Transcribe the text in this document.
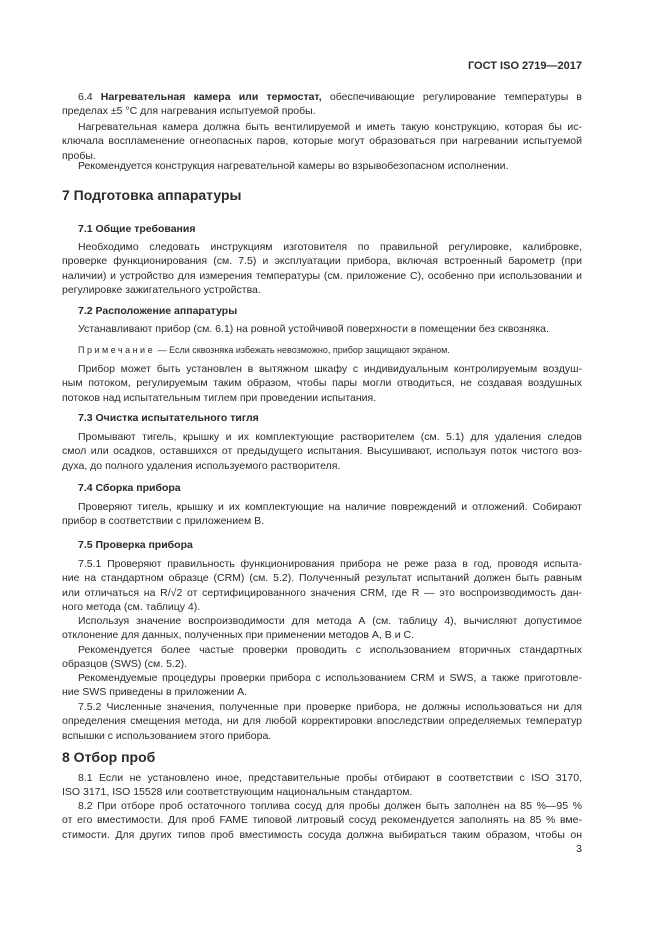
ГОСТ ISO 2719—2017
6.4 Нагревательная камера или термостат, обеспечивающие регулирование температуры в
пределах ±5 °C для нагревания испытуемой пробы.
Нагревательная камера должна быть вентилируемой и иметь такую конструкцию, которая бы ис-
ключала воспламенение огнеопасных паров, которые могут образоваться при нагревании испытуемой
пробы.
Рекомендуется конструкция нагревательной камеры во взрывобезопасном исполнении.
7 Подготовка аппаратуры
7.1 Общие требования
Необходимо следовать инструкциям изготовителя по правильной регулировке, калибровке,
проверке функционирования (см. 7.5) и эксплуатации прибора, включая встроенный барометр (при
наличии) и устройство для измерения температуры (см. приложение С), особенно при использовании и
регулировке зажигательного устройства.
7.2 Расположение аппаратуры
Устанавливают прибор (см. 6.1) на ровной устойчивой поверхности в помещении без сквозняка.
Примечание — Если сквозняка избежать невозможно, прибор защищают экраном.
Прибор может быть установлен в вытяжном шкафу с индивидуальным контролируемым воздуш-
ным потоком, регулируемым таким образом, чтобы пары могли отводиться, не создавая воздушных
потоков над испытательным тиглем при проведении испытания.
7.3 Очистка испытательного тигля
Промывают тигель, крышку и их комплектующие растворителем (см. 5.1) для удаления следов
смол или осадков, оставшихся от предыдущего испытания. Высушивают, используя поток чистого воз-
духа, до полного удаления используемого растворителя.
7.4 Сборка прибора
Проверяют тигель, крышку и их комплектующие на наличие повреждений и отложений. Собирают
прибор в соответствии с приложением В.
7.5 Проверка прибора
7.5.1 Проверяют правильность функционирования прибора не реже раза в год, проводя испыта-
ние на стандартном образце (CRM) (см. 5.2). Полученный результат испытаний должен быть равным
или отличаться на R/√2 от сертифицированного значения CRM, где R — это воспроизводимость дан-
ного метода (см. таблицу 4).
Используя значение воспроизводимости для метода А (см. таблицу 4), вычисляют допустимое
отклонение для данных, полученных при применении методов А, В и С.
Рекомендуется более частые проверки проводить с использованием вторичных стандартных
образцов (SWS) (см. 5.2).
Рекомендуемые процедуры проверки прибора с использованием CRM и SWS, а также приготовле-
ние SWS приведены в приложении А.
7.5.2 Численные значения, полученные при проверке прибора, не должны использоваться ни для
определения смещения метода, ни для любой корректировки впоследствии определяемых температур
вспышки с использованием этого прибора.
8 Отбор проб
8.1 Если не установлено иное, представительные пробы отбирают в соответствии с ISO 3170,
ISO 3171, ISO 15528 или соответствующим национальным стандартом.
8.2 При отборе проб остаточного топлива сосуд для пробы должен быть заполнен на 85 %—95 %
от его вместимости. Для проб FAME типовой литровый сосуд рекомендуется заполнять на 85 % вме-
стимости. Для других типов проб вместимость сосуда должна выбираться таким образом, чтобы он
3
